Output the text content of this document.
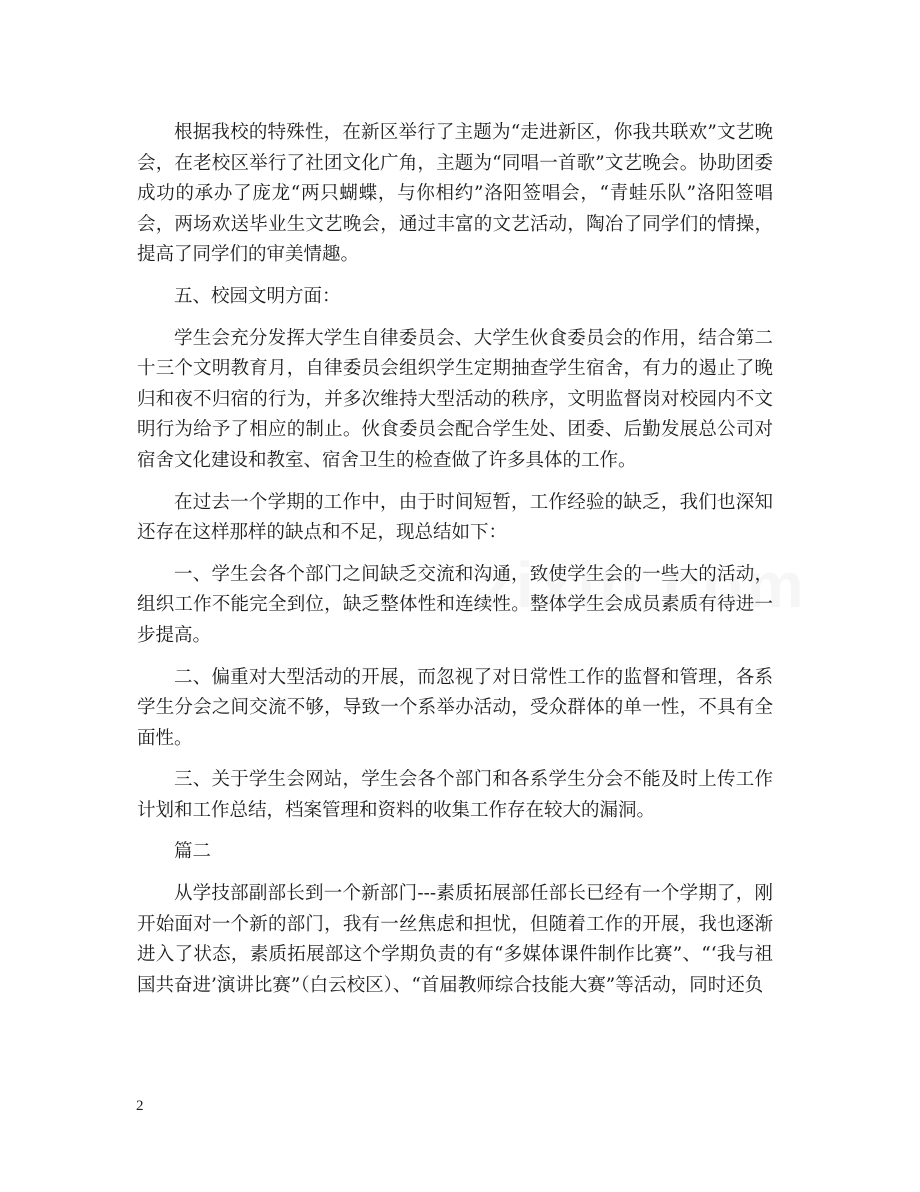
根据我校的特殊性，在新区举行了主题为“走进新区，你我共联欢”文艺晚会，在老校区举行了社团文化广角，主题为“同唱一首歌”文艺晚会。协助团委成功的承办了庞龙“两只蝴蝶，与你相约”洛阳签唱会，“青蛙乐队”洛阳签唱会，两场欢送毕业生文艺晚会，通过丰富的文艺活动，陶冶了同学们的情操，提高了同学们的审美情趣。

五、校园文明方面：

学生会充分发挥大学生自律委员会、大学生伙食委员会的作用，结合第二十三个文明教育月，自律委员会组织学生定期抽查学生宿舍，有力的遏止了晚归和夜不归宿的行为，并多次维持大型活动的秩序，文明监督岗对校园内不文明行为给予了相应的制止。伙食委员会配合学生处、团委、后勤发展总公司对宿舍文化建设和教室、宿舍卫生的检查做了许多具体的工作。

在过去一个学期的工作中，由于时间短暂，工作经验的缺乏，我们也深知还存在这样那样的缺点和不足，现总结如下：

一、学生会各个部门之间缺乏交流和沟通，致使学生会的一些大的活动，组织工作不能完全到位，缺乏整体性和连续性。整体学生会成员素质有待进一步提高。

二、偏重对大型活动的开展，而忽视了对日常性工作的监督和管理，各系学生分会之间交流不够，导致一个系举办活动，受众群体的单一性，不具有全面性。

三、关于学生会网站，学生会各个部门和各系学生分会不能及时上传工作计划和工作总结，档案管理和资料的收集工作存在较大的漏洞。

篇二

从学技部副部长到一个新部门---素质拓展部任部长已经有一个学期了，刚开始面对一个新的部门，我有一丝焦虑和担忧，但随着工作的开展，我也逐渐进入了状态，素质拓展部这个学期负责的有“多媒体课件制作比赛”、“‘我与祖国共奋进’演讲比赛”（白云校区）、“首届教师综合技能大赛”等活动，同时还负

2
